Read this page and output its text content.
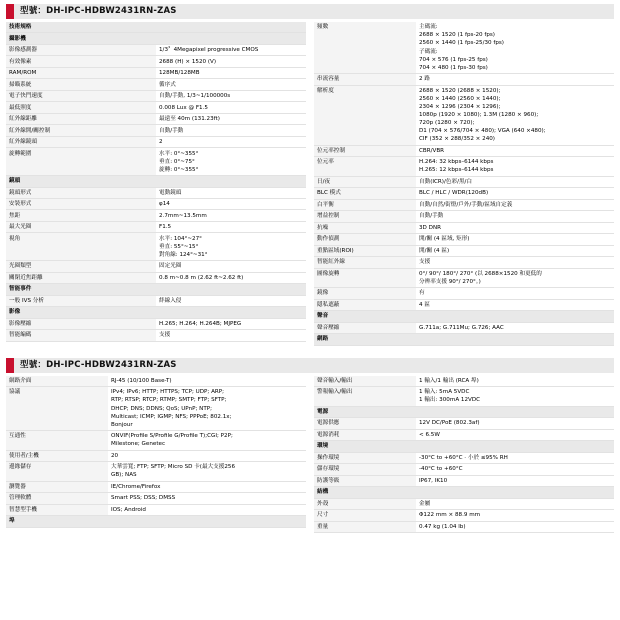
型號：DH-IPC-HDBW2431RN-ZAS
技術規格	
攝影機	
影像感測器	1/3〞4Megapixel progressive CMOS

有效像素	2688 (H) × 1520 (V)

RAM/ROM	128MB/128MB

掃瞄系統	循序式

電子快門速度	自動/手動, 1/3~1/100000s

最低照度	0.008 Lux @ F1.5

紅外線距離	最遠至 40m (131.23ft)

紅外線開/關控制	自動/手動

紅外線鏡頭	2

旋轉範圍	水平: 0°~355°
垂直: 0°~75°
旋轉: 0°~355°

鏡頭	
鏡頭形式	電動鏡頭

安裝形式	φ14

焦距	2.7mm~13.5mm

最大光圈	F1.5

視角	水平: 104°~27°
垂直: 55°~15°
對角線: 124°~31°

光圈類型	固定光圈

關閉近焦距離	0.8 m~0.8 m (2.62 ft~2.62 ft)

智能事件	
一般 IVS 分析	絆線入侵

影像	
影像壓縮	H.265; H.264; H.264B; MJPEG

智能編碼	支援
頻數	主碼流:
2688 × 1520 (1 fps-20 fps)
2560 × 1440 (1 fps-25/30 fps)
子碼流:
704 × 576 (1 fps-25 fps)
704 × 480 (1 fps-30 fps)

串流容量	2 路

解析度	2688 × 1520 (2688 × 1520);
2560 × 1440 (2560 × 1440);
2304 × 1296 (2304 × 1296);
1080p (1920 × 1080); 1.3M (1280 × 960);
720p (1280 × 720);
D1 (704 × 576/704 × 480); VGA (640 ×480);
CIF (352 × 288/352 × 240)

位元率控制	CBR/VBR

位元率	H.264: 32 kbps–6144 kbps
H.265: 12 kbps–6144 kbps

日/夜	自動(ICR)/色彩/黑/白

BLC 模式	BLC / HLC / WDR(120dB)

白平衡	自動/自然/街燈/戶外/手動/區域自定義

增益控制	自動/手動

抗噪	3D DNR

動作偵測	開/關 (4 區域, 矩形)

重點區域(ROI)	開/關 (4 區)

智能紅外線	支援

圖像旋轉	0°/ 90°/ 180°/ 270° (以 2688×1520 和更低的
分辨率支援 90°/ 270°。)

鏡像	有

隱私遮蔽	4 區

聲音	
聲音壓縮	G.711a; G.711Mu; G.726; AAC

網路	
型號：DH-IPC-HDBW2431RN-ZAS
網路介面	RJ-45 (10/100 Base-T)

協議	IPv4; IPv6; HTTP; HTTPS; TCP; UDP; ARP;
RTP; RTSP; RTCP; RTMP; SMTP; FTP; SFTP;
DHCP; DNS; DDNS; QoS; UPnP; NTP;
Multicast; ICMP; IGMP; NFS; PPPoE; 802.1x;
Bonjour

互通性	ONVIF(Profile S/Profile G/Profile T);CGI; P2P;
Milestone; Genetec

使用者/主機	20

邊緣儲存	大華雲寬; FTP; SFTP; Micro SD 卡(最大支援256
GB); NAS

瀏覽器	IE/Chrome/Firefox

管理軟體	Smart PSS; DSS; DMSS

智慧型手機	IOS; Android

埠	
聲音輸入/輸出	1 輸入/1 輸出 (RCA 埠)

警報輸入/輸出	1 輸入: 5mA 5VDC
1 輸出: 300mA 12VDC

電源	
電源供應	12V DC/PoE (802.3af)

電源消耗	< 6.5W

環境	
操作環境	-30°C to +60°C · 小於 ≤95% RH

儲存環境	-40°C to +60°C

防護等級	IP67, IK10

結構	
外殼	金屬

尺寸	Φ122 mm × 88.9 mm

重量	0.47 kg (1.04 lb)
